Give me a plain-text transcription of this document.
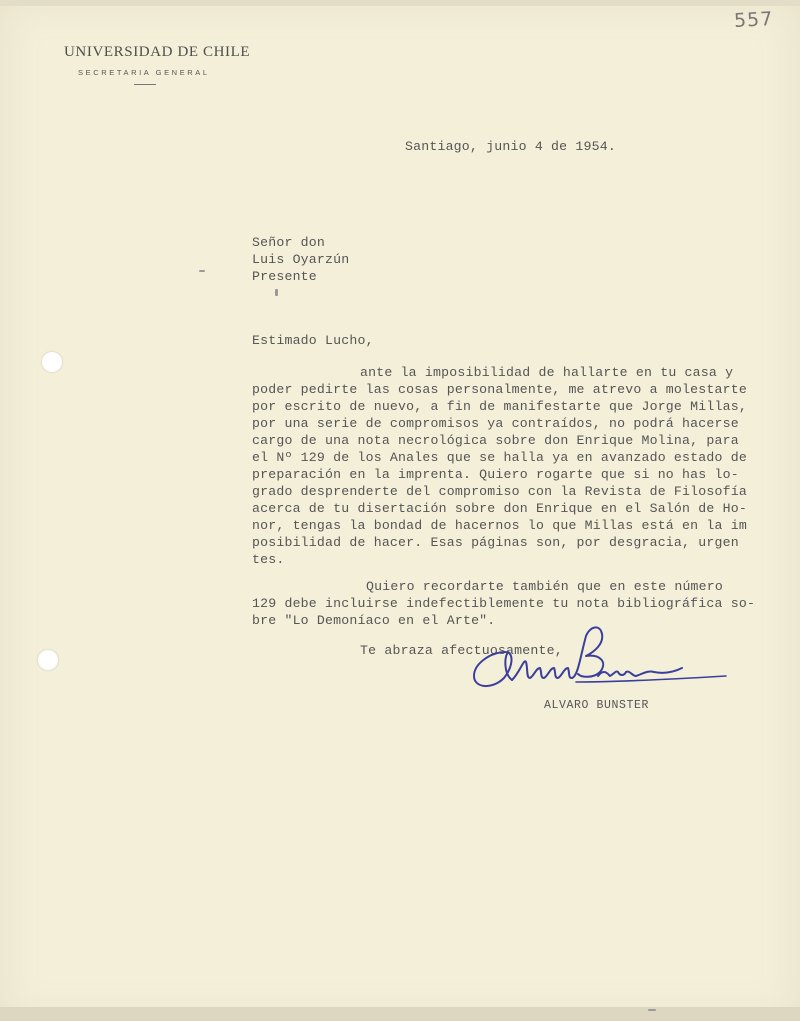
557
UNIVERSIDAD DE CHILE
SECRETARIA GENERAL
Santiago, junio 4 de 1954.
Señor don
Luis Oyarzún
Presente
Estimado Lucho,
ante la imposibilidad de hallarte en tu casa y
poder pedirte las cosas personalmente, me atrevo a molestarte
por escrito de nuevo, a fin de manifestarte que Jorge Millas,
por una serie de compromisos ya contraídos, no podrá hacerse
cargo de una nota necrológica sobre don Enrique Molina, para
el Nº 129 de los Anales que se halla ya en avanzado estado de
preparación en la imprenta. Quiero rogarte que si no has lo-
grado desprenderte del compromiso con la Revista de Filosofía
acerca de tu disertación sobre don Enrique en el Salón de Ho-
nor, tengas la bondad de hacernos lo que Millas está en la im
posibilidad de hacer. Esas páginas son, por desgracia, urgen
tes.
Quiero recordarte también que en este número
129 debe incluirse indefectiblemente tu nota bibliográfica so-
bre "Lo Demoníaco en el Arte".
Te abraza afectuosamente,
ALVARO BUNSTER
